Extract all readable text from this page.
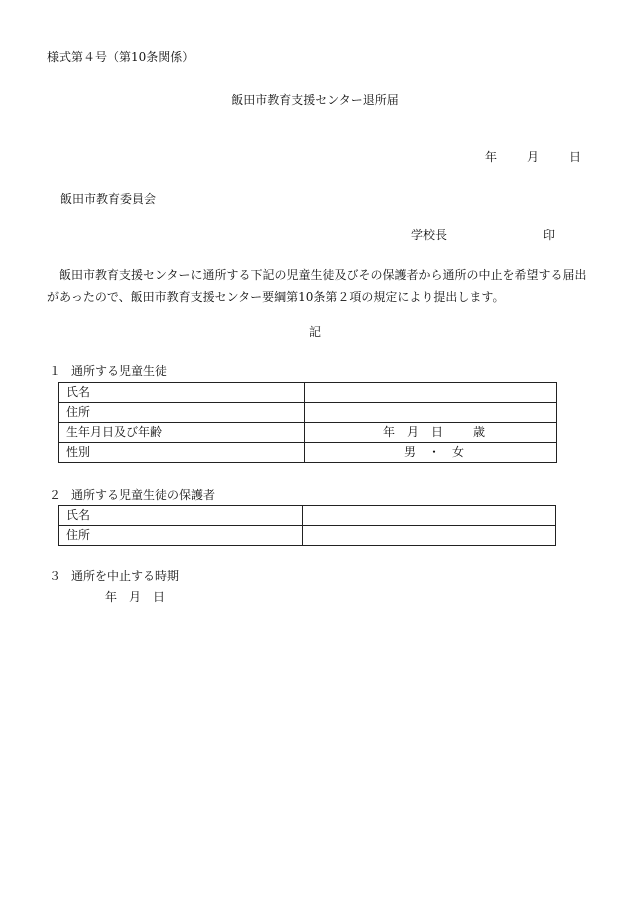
様式第４号（第10条関係）
飯田市教育支援センター退所届
年	月	日
飯田市教育委員会
学校長	印
飯田市教育支援センターに通所する下記の児童生徒及びその保護者から通所の中止を希望する届出
があったので、飯田市教育支援センター要綱第10条第２項の規定により提出します。
記
１ 通所する児童生徒
氏名	
住所	
生年月日及び年齢	年 月 日 歳
性別	男 ・ 女
２ 通所する児童生徒の保護者
氏名	
住所	
３ 通所を中止する時期
年 月 日
